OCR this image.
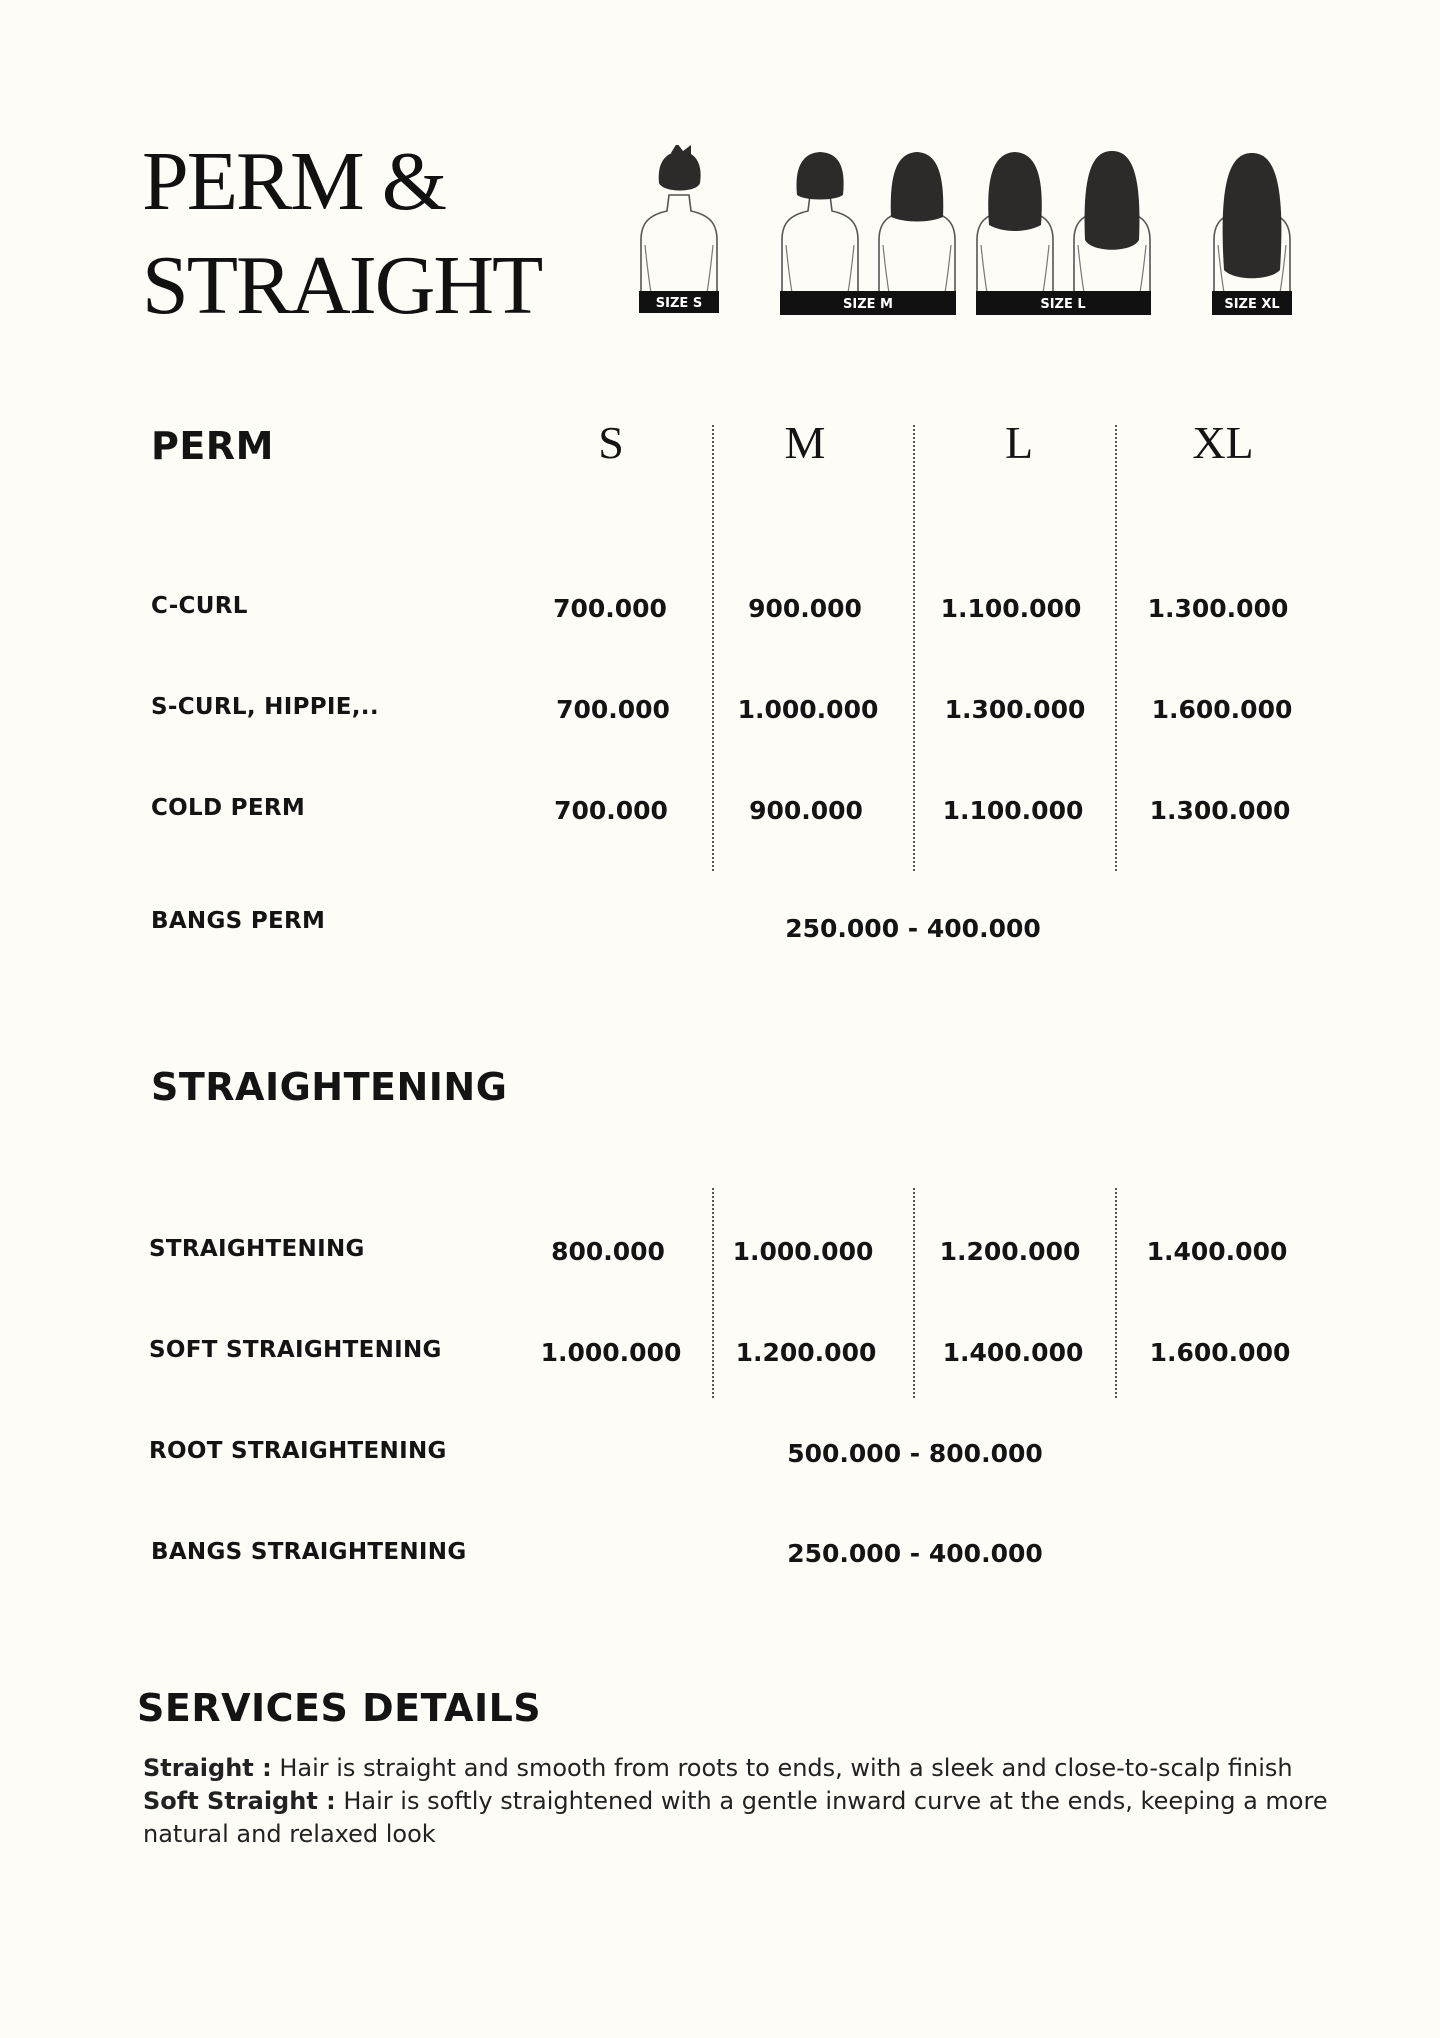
PERM &
STRAIGHT	SIZE S	SIZE M	SIZE L	SIZE XL
PERM	S	M	L	XL
C-CURL	700.000	900.000	1.100.000	1.300.000
S-CURL, HIPPIE,..	700.000	1.000.000	1.300.000	1.600.000
COLD PERM	700.000	900.000	1.100.000	1.300.000
BANGS PERM	250.000 - 400.000
STRAIGHTENING
STRAIGHTENING	800.000	1.000.000	1.200.000	1.400.000
SOFT STRAIGHTENING	1.000.000	1.200.000	1.400.000	1.600.000
ROOT STRAIGHTENING	500.000 - 800.000
BANGS STRAIGHTENING	250.000 - 400.000
SERVICES DETAILS
Straight : Hair is straight and smooth from roots to ends, with a sleek and close-to-scalp finish
Soft Straight : Hair is softly straightened with a gentle inward curve at the ends, keeping a more natural and relaxed look
